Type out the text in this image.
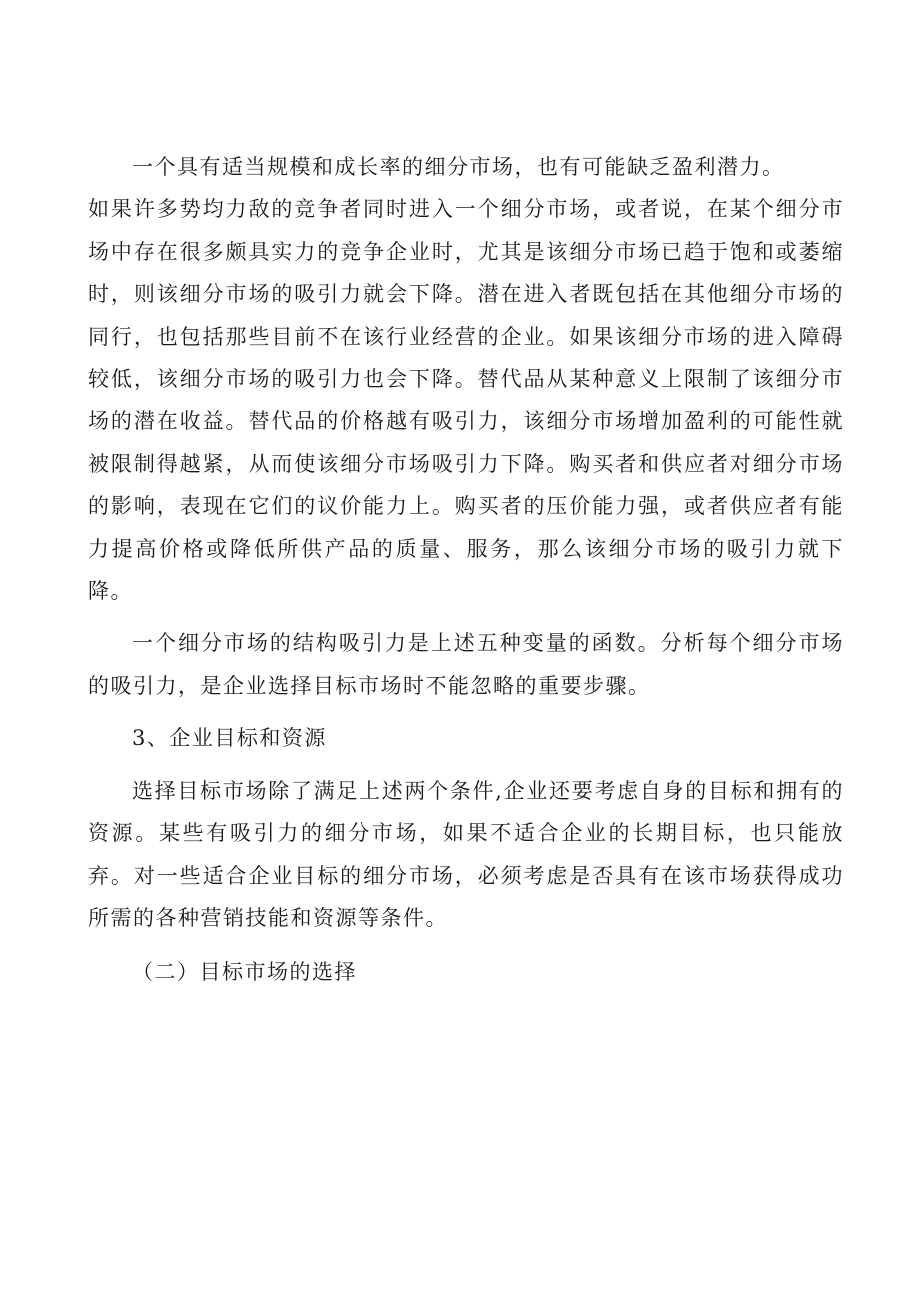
一个具有适当规模和成长率的细分市场，也有可能缺乏盈利潜力。

如果许多势均力敌的竞争者同时进入一个细分市场，或者说，在某个细分市场中存在很多颇具实力的竞争企业时，尤其是该细分市场已趋于饱和或萎缩时，则该细分市场的吸引力就会下降。潜在进入者既包括在其他细分市场的同行，也包括那些目前不在该行业经营的企业。如果该细分市场的进入障碍较低，该细分市场的吸引力也会下降。替代品从某种意义上限制了该细分市场的潜在收益。替代品的价格越有吸引力，该细分市场增加盈利的可能性就被限制得越紧，从而使该细分市场吸引力下降。购买者和供应者对细分市场的影响，表现在它们的议价能力上。购买者的压价能力强，或者供应者有能力提高价格或降低所供产品的质量、服务，那么该细分市场的吸引力就下降。

一个细分市场的结构吸引力是上述五种变量的函数。分析每个细分市场的吸引力，是企业选择目标市场时不能忽略的重要步骤。

3、企业目标和资源

选择目标市场除了满足上述两个条件,企业还要考虑自身的目标和拥有的资源。某些有吸引力的细分市场，如果不适合企业的长期目标，也只能放弃。对一些适合企业目标的细分市场，必须考虑是否具有在该市场获得成功所需的各种营销技能和资源等条件。

（二）目标市场的选择
